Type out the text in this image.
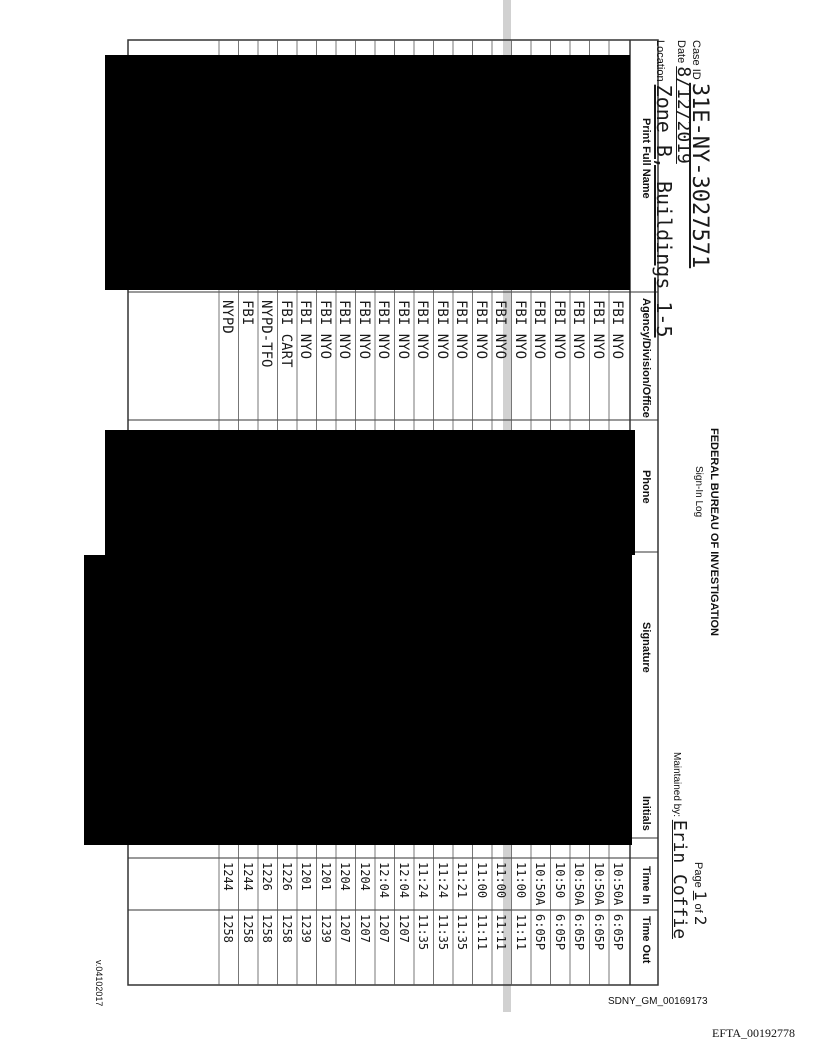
Case ID 31E-NY-3027571
Date 8/12/2019
Location Zone B, Buildings 1-5
FEDERAL BUREAU OF INVESTIGATION
Sign-In Log
Page 1 of 2
Maintained by: Erin Coffie
Print Full Name
Agency/Division/Office
Phone
Signature
Initials
Time In
Time Out
FBI NYO
10:50A
6:05P
FBI NYO
10:50A
6:05P
FBI NYO
10:50A
6:05P
FBI NYO
10:50
6:05P
FBI NYO
10:50A
6:05P
FBI NYO
11:00
11:11
FBI NYO
11:00
11:11
FBI NYO
11:00
11:11
FBI NYO
11:21
11:35
FBI NYO
11:24
11:35
FBI NYO
11:24
11:35
FBI NYO
12:04
1207
FBI NYO
12:04
1207
FBI NYO
1204
1207
FBI NYO
1204
1207
FBI NYO
1201
1239
FBI NYO
1201
1239
FBI CART
1226
1258
NYPD-TFO
1226
1258
FBI
1244
1258
NYPD
1244
1258
v.04102017	SDNY_GM_00169173
EFTA_00192778
